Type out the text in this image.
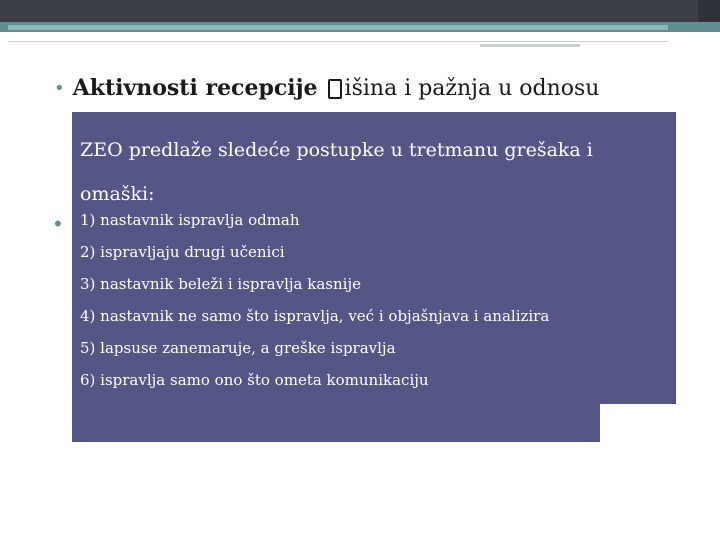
• Aktivnosti recepcije išina i pažnja u odnosu
•
ZEO predlaže sledeće postupke u tretmanu grešaka i omaški:
1) nastavnik ispravlja odmah
2) ispravljaju drugi učenici
3) nastavnik beleži i ispravlja kasnije
4) nastavnik ne samo što ispravlja, već i objašnjava i analizira
5) lapsuse zanemaruje, a greške ispravlja
6) ispravlja samo ono što ometa komunikaciju
